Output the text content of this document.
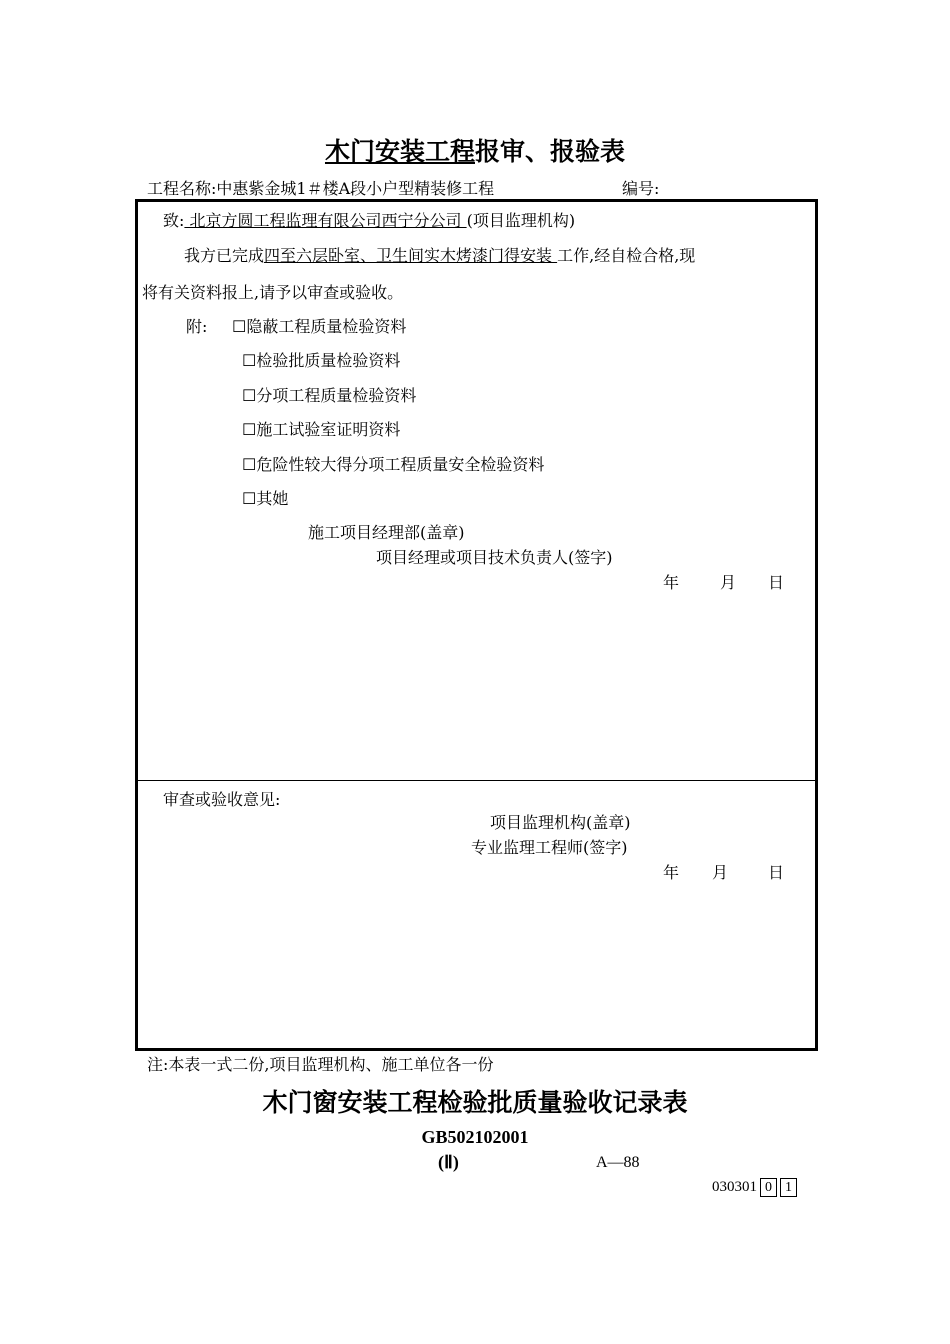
木门安装工程报审、报验表
工程名称:中惠紫金城1＃楼A段小户型精装修工程	编号:
致: 北京方圆工程监理有限公司西宁分公司 (项目监理机构)
我方已完成四至六层卧室、卫生间实木烤漆门得安装 工作,经自检合格,现
将有关资料报上,请予以审查或验收。
附: ☐隐蔽工程质量检验资料
☐检验批质量检验资料
☐分项工程质量检验资料
☐施工试验室证明资料
☐危险性较大得分项工程质量安全检验资料
☐其她
施工项目经理部(盖章)
项目经理或项目技术负责人(签字)
年	月 日
审查或验收意见:
项目监理机构(盖章)
专业监理工程师(签字)
年 月 日
注:本表一式二份,项目监理机构、施工单位各一份
木门窗安装工程检验批质量验收记录表
GB502102001
(Ⅱ)	A—88
030301 0 1
